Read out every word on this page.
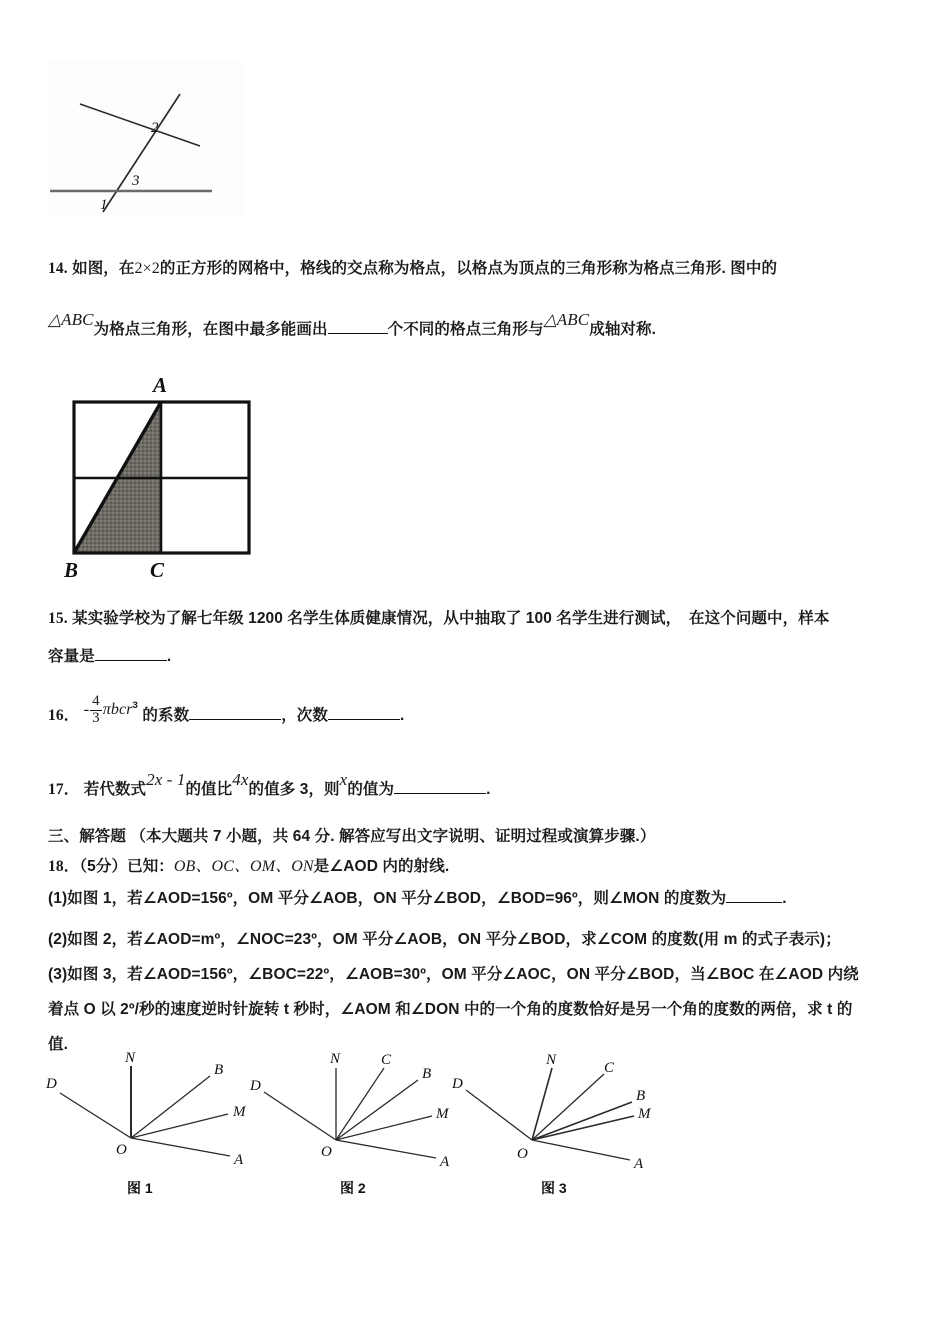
1
2
3
14. 如图，在2×2的正方形的网格中，格线的交点称为格点，以格点为顶点的三角形称为格点三角形. 图中的
△ABC为格点三角形，在图中最多能画出	个不同的格点三角形与△ABC成轴对称.
A
B	C
15. 某实验学校为了解七年级 1200 名学生体质健康情况，从中抽取了 100 名学生进行测试，　在这个问题中，样本
容量是	.
16． - $\frac{4}{3} \pi bcr^3$ 的系数	，次数	.
17． 若代数式2x - 1的值比4x的值多 3，则x的值为	.
三、解答题 （本大题共 7 小题，共 64 分. 解答应写出文字说明、证明过程或演算步骤.）
18．（5分）已知：OB、OC、OM、ON是∠AOD 内的射线.
(1)如图 1，若∠AOD=156º，OM 平分∠AOB，ON 平分∠BOD，∠BOD=96º，则∠MON 的度数为	.
(2)如图 2，若∠AOD=mº，∠NOC=23º，OM 平分∠AOB，ON 平分∠BOD，求∠COM 的度数(用 m 的式子表示)；
(3)如图 3，若∠AOD=156º，∠BOC=22º，∠AOB=30º，OM 平分∠AOC，ON 平分∠BOD，当∠BOC 在∠AOD 内绕
着点 O 以 2º/秒的速度逆时针旋转 t 秒时，∠AOM 和∠DON 中的一个角的度数恰好是另一个角的度数的两倍，求 t 的
值.
D
N
B
M
A
O
D
N	C
B
M
A
O
D
N	C
B
M
A
O
图 1	图 2	图 3
